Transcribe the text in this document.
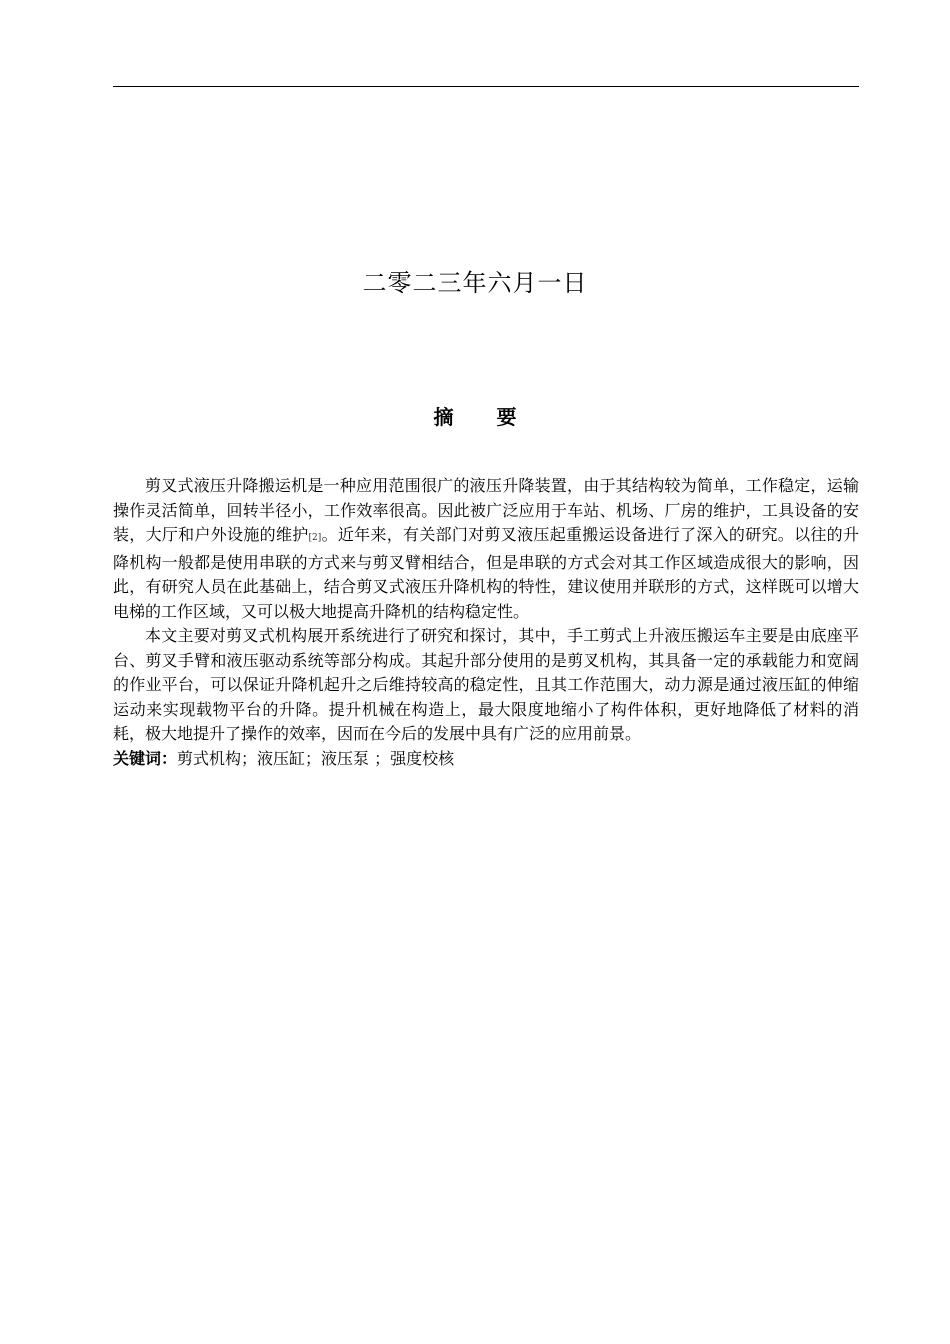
二零二三年六月一日
摘 要

剪叉式液压升降搬运机是一种应用范围很广的液压升降装置，由于其结构较为简单，工作稳定，运输操作灵活简单，回转半径小，工作效率很高。因此被广泛应用于车站、机场、厂房的维护，工具设备的安装，大厅和户外设施的维护[2]。近年来，有关部门对剪叉液压起重搬运设备进行了深入的研究。以往的升降机构一般都是使用串联的方式来与剪叉臂相结合，但是串联的方式会对其工作区域造成很大的影响，因此，有研究人员在此基础上，结合剪叉式液压升降机构的特性，建议使用并联形的方式，这样既可以增大电梯的工作区域，又可以极大地提高升降机的结构稳定性。

本文主要对剪叉式机构展开系统进行了研究和探讨，其中，手工剪式上升液压搬运车主要是由底座平台、剪叉手臂和液压驱动系统等部分构成。其起升部分使用的是剪叉机构，其具备一定的承载能力和宽阔的作业平台，可以保证升降机起升之后维持较高的稳定性，且其工作范围大，动力源是通过液压缸的伸缩运动来实现载物平台的升降。提升机械在构造上，最大限度地缩小了构件体积，更好地降低了材料的消耗，极大地提升了操作的效率，因而在今后的发展中具有广泛的应用前景。

关键词：剪式机构；液压缸；液压泵 ；强度校核
